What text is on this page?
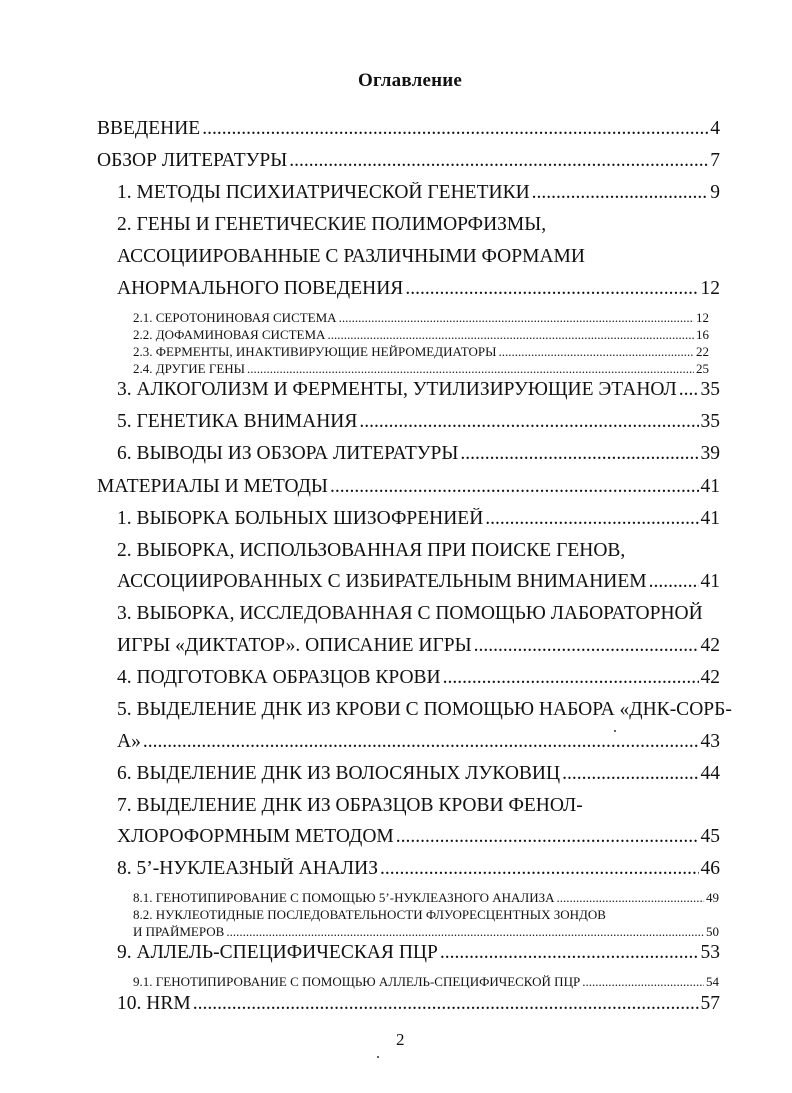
Оглавление
ВВЕДЕНИЕ .....	4
ОБЗОР ЛИТЕРАТУРЫ .....	7
1. МЕТОДЫ ПСИХИАТРИЧЕСКОЙ ГЕНЕТИКИ .....	9
2. ГЕНЫ И ГЕНЕТИЧЕСКИЕ ПОЛИМОРФИЗМЫ,
АССОЦИИРОВАННЫЕ С РАЗЛИЧНЫМИ ФОРМАМИ
АНОРМАЛЬНОГО ПОВЕДЕНИЯ .....	12
2.1. СЕРОТОНИНОВАЯ СИСТЕМА .....	12
2.2. ДОФАМИНОВАЯ СИСТЕМА .....	16
2.3. ФЕРМЕНТЫ, ИНАКТИВИРУЮЩИЕ НЕЙРОМЕДИАТОРЫ .....	22
2.4. ДРУГИЕ ГЕНЫ .....	25
3. АЛКОГОЛИЗМ И ФЕРМЕНТЫ, УТИЛИЗИРУЮЩИЕ ЭТАНОЛ ..... 35
5. ГЕНЕТИКА ВНИМАНИЯ .....	35
6. ВЫВОДЫ ИЗ ОБЗОРА ЛИТЕРАТУРЫ .....	39
МАТЕРИАЛЫ И МЕТОДЫ .....	41
1. ВЫБОРКА БОЛЬНЫХ ШИЗОФРЕНИЕЙ .....	41
2. ВЫБОРКА, ИСПОЛЬЗОВАННАЯ ПРИ ПОИСКЕ ГЕНОВ,
АССОЦИИРОВАННЫХ С ИЗБИРАТЕЛЬНЫМ ВНИМАНИЕМ .....	41
3. ВЫБОРКА, ИССЛЕДОВАННАЯ С ПОМОЩЬЮ ЛАБОРАТОРНОЙ
ИГРЫ «ДИКТАТОР». ОПИСАНИЕ ИГРЫ .....	42
4. ПОДГОТОВКА ОБРАЗЦОВ КРОВИ .....	42
5. ВЫДЕЛЕНИЕ ДНК ИЗ КРОВИ С ПОМОЩЬЮ НАБОРА «ДНК-СОРБ-
А» .....	43
6. ВЫДЕЛЕНИЕ ДНК ИЗ ВОЛОСЯНЫХ ЛУКОВИЦ .....	44
7. ВЫДЕЛЕНИЕ ДНК ИЗ ОБРАЗЦОВ КРОВИ ФЕНОЛ-
ХЛОРОФОРМНЫМ МЕТОДОМ .....	45
8. 5’-НУКЛЕАЗНЫЙ АНАЛИЗ .....	46
8.1. ГЕНОТИПИРОВАНИЕ С ПОМОЩЬЮ 5’-НУКЛЕАЗНОГО АНАЛИЗА .....	49
8.2. НУКЛЕОТИДНЫЕ ПОСЛЕДОВАТЕЛЬНОСТИ ФЛУОРЕСЦЕНТНЫХ ЗОНДОВ
И ПРАЙМЕРОВ .....	50
9. АЛЛЕЛЬ-СПЕЦИФИЧЕСКАЯ ПЦР .....	53
9.1. ГЕНОТИПИРОВАНИЕ С ПОМОЩЬЮ АЛЛЕЛЬ-СПЕЦИФИЧЕСКОЙ ПЦР .....	54
10. HRM .....	57
2
